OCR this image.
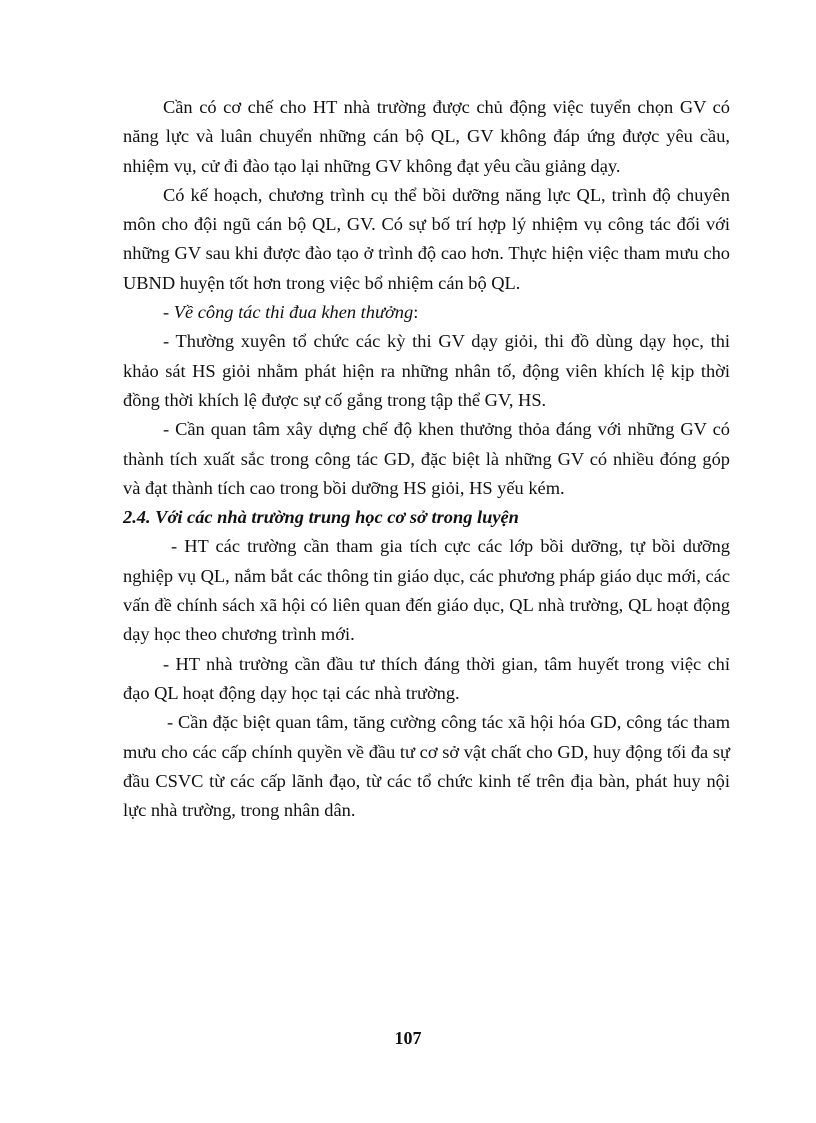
Cần có cơ chế cho HT nhà trường được chủ động việc tuyển chọn GV có năng lực và luân chuyển những cán bộ QL, GV không đáp ứng được yêu cầu, nhiệm vụ, cử đi đào tạo lại những GV không đạt yêu cầu giảng dạy.

Có kế hoạch, chương trình cụ thể bồi dưỡng năng lực QL, trình độ chuyên môn cho đội ngũ cán bộ QL, GV. Có sự bố trí hợp lý nhiệm vụ công tác đối với những GV sau khi được đào tạo ở trình độ cao hơn. Thực hiện việc tham mưu cho UBND huyện tốt hơn trong việc bổ nhiệm cán bộ QL.

- Về công tác thi đua khen thưởng:

- Thường xuyên tổ chức các kỳ thi GV dạy giỏi, thi đồ dùng dạy học, thi khảo sát HS giỏi nhằm phát hiện ra những nhân tố, động viên khích lệ kịp thời đồng thời khích lệ được sự cố gắng trong tập thể GV, HS.

- Cần quan tâm xây dựng chế độ khen thưởng thỏa đáng với những GV có thành tích xuất sắc trong công tác GD, đặc biệt là những GV có nhiều đóng góp và đạt thành tích cao trong bồi dưỡng HS giỏi, HS yếu kém.

2.4. Với các nhà trường trung học cơ sở trong luyện

- HT các trường cần tham gia tích cực các lớp bồi dưỡng, tự bồi dưỡng nghiệp vụ QL, nắm bắt các thông tin giáo dục, các phương pháp giáo dục mới, các vấn đề chính sách xã hội có liên quan đến giáo dục, QL nhà trường, QL hoạt động dạy học theo chương trình mới.

- HT nhà trường cần đầu tư thích đáng thời gian, tâm huyết trong việc chỉ đạo QL hoạt động dạy học tại các nhà trường.

- Cần đặc biệt quan tâm, tăng cường công tác xã hội hóa GD, công tác tham mưu cho các cấp chính quyền về đầu tư cơ sở vật chất cho GD, huy động tối đa sự đầu CSVC từ các cấp lãnh đạo, từ các tổ chức kinh tế trên địa bàn, phát huy nội lực nhà trường, trong nhân dân.

107
